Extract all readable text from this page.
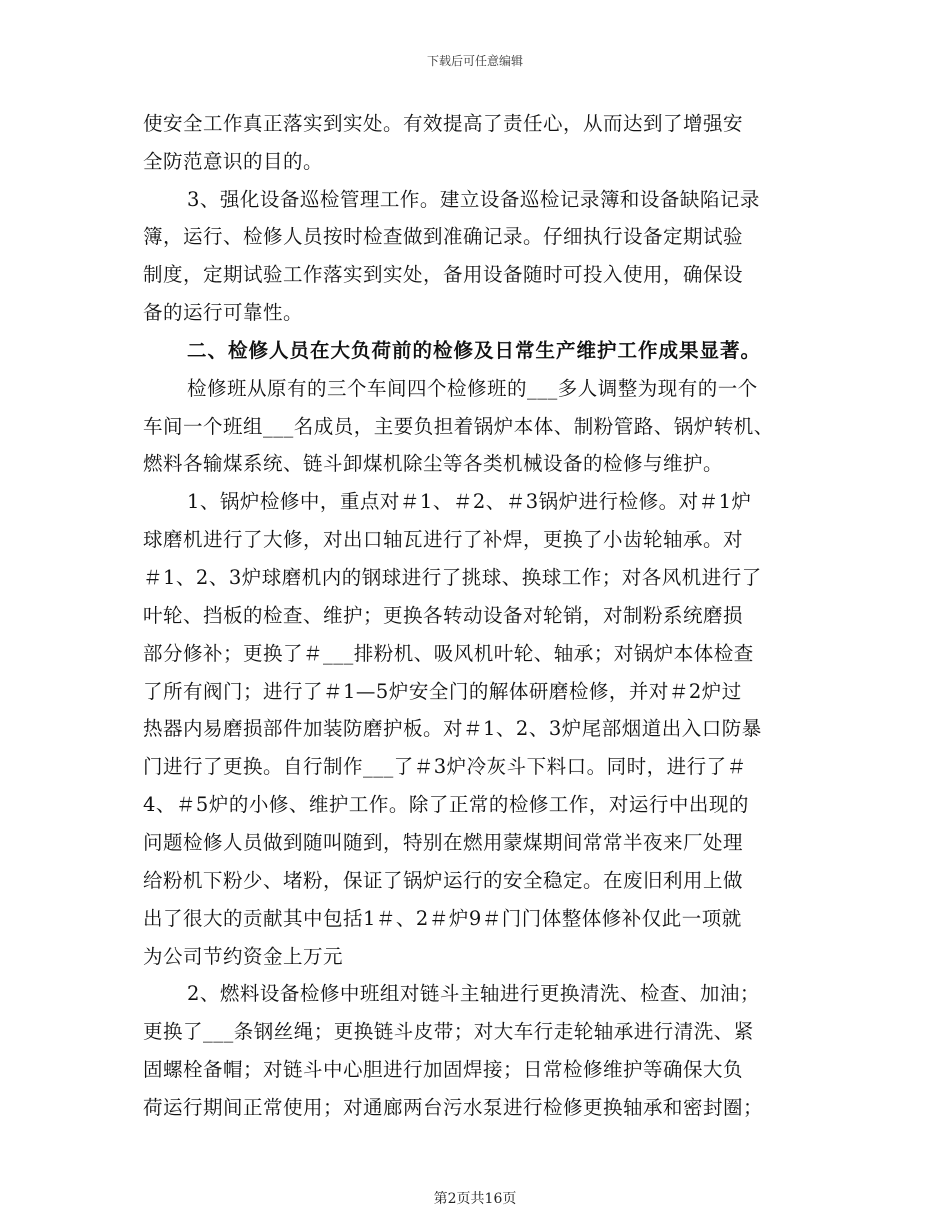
下载后可任意编辑
使安全工作真正落实到实处。有效提高了责任心，从而达到了增强安
全防范意识的目的。
3、强化设备巡检管理工作。建立设备巡检记录簿和设备缺陷记录
簿，运行、检修人员按时检查做到准确记录。仔细执行设备定期试验
制度，定期试验工作落实到实处，备用设备随时可投入使用，确保设
备的运行可靠性。
二、检修人员在大负荷前的检修及日常生产维护工作成果显著。
检修班从原有的三个车间四个检修班的___多人调整为现有的一个
车间一个班组___名成员，主要负担着锅炉本体、制粉管路、锅炉转机、
燃料各输煤系统、链斗卸煤机除尘等各类机械设备的检修与维护。
1、锅炉检修中，重点对＃1、＃2、＃3锅炉进行检修。对＃1炉
球磨机进行了大修，对出口轴瓦进行了补焊，更换了小齿轮轴承。对
＃1、2、3炉球磨机内的钢球进行了挑球、换球工作；对各风机进行了
叶轮、挡板的检查、维护；更换各转动设备对轮销，对制粉系统磨损
部分修补；更换了＃___排粉机、吸风机叶轮、轴承；对锅炉本体检查
了所有阀门；进行了＃1—5炉安全门的解体研磨检修，并对＃2炉过
热器内易磨损部件加装防磨护板。对＃1、2、3炉尾部烟道出入口防暴
门进行了更换。自行制作___了＃3炉冷灰斗下料口。同时，进行了＃
4、＃5炉的小修、维护工作。除了正常的检修工作，对运行中出现的
问题检修人员做到随叫随到，特别在燃用蒙煤期间常常半夜来厂处理
给粉机下粉少、堵粉，保证了锅炉运行的安全稳定。在废旧利用上做
出了很大的贡献其中包括1＃、2＃炉9＃门门体整体修补仅此一项就
为公司节约资金上万元
2、燃料设备检修中班组对链斗主轴进行更换清洗、检查、加油；
更换了___条钢丝绳；更换链斗皮带；对大车行走轮轴承进行清洗、紧
固螺栓备帽；对链斗中心胆进行加固焊接；日常检修维护等确保大负
荷运行期间正常使用；对通廊两台污水泵进行检修更换轴承和密封圈；
第2页共16页
